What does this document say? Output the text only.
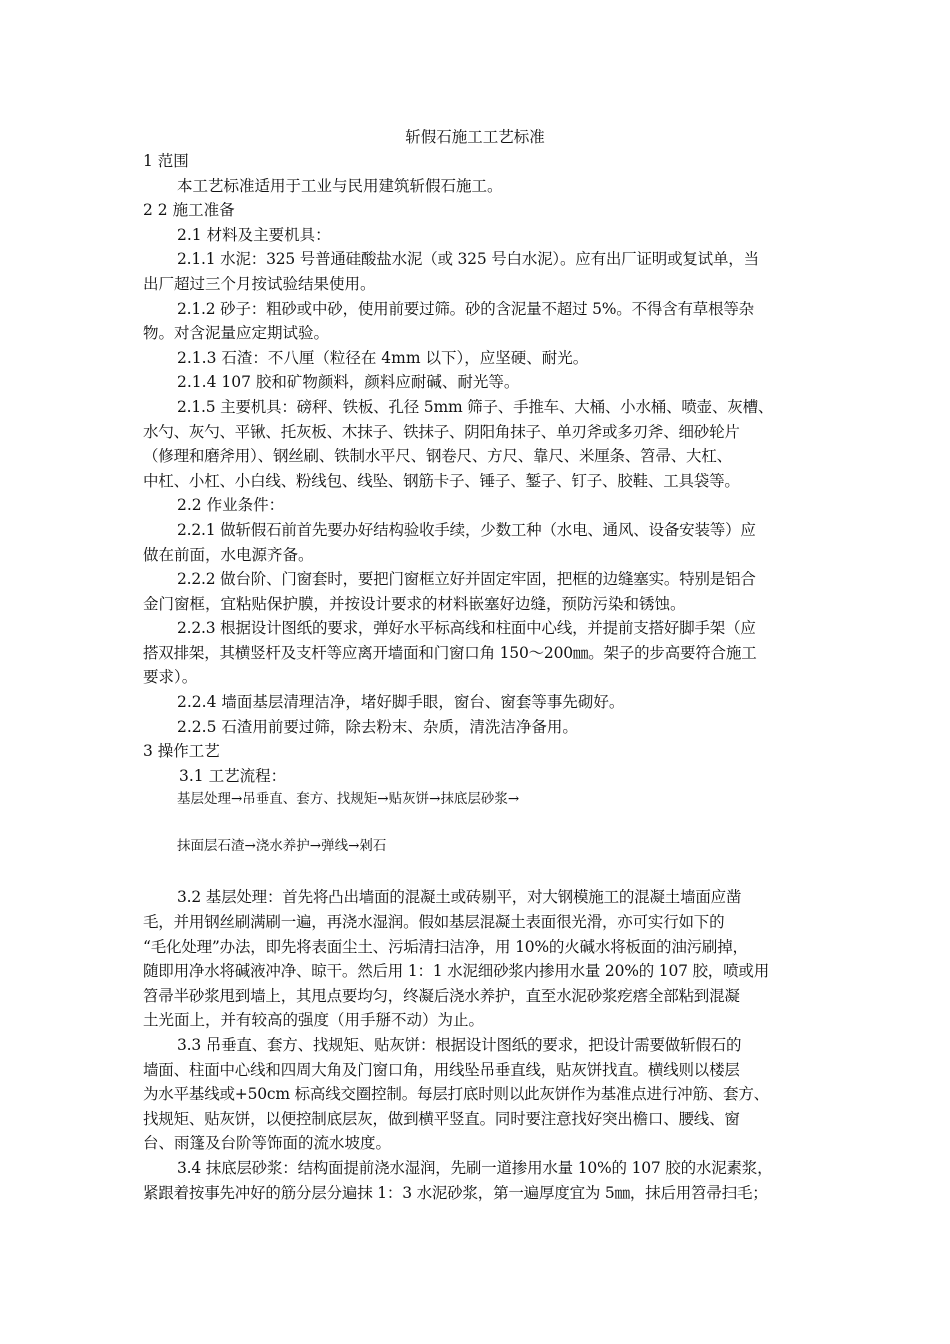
斩假石施工工艺标准
1 范围
本工艺标准适用于工业与民用建筑斩假石施工。
2 2 施工准备
2.1 材料及主要机具：
2.1.1 水泥：325 号普通硅酸盐水泥（或 325 号白水泥）。应有出厂证明或复试单，当
出厂超过三个月按试验结果使用。
2.1.2 砂子：粗砂或中砂，使用前要过筛。砂的含泥量不超过 5%。不得含有草根等杂
物。对含泥量应定期试验。
2.1.3 石渣：不八厘（粒径在 4mm 以下），应坚硬、耐光。
2.1.4 107 胶和矿物颜料，颜料应耐碱、耐光等。
2.1.5 主要机具：磅秤、铁板、孔径 5mm 筛子、手推车、大桶、小水桶、喷壶、灰槽、
水勺、灰勺、平锹、托灰板、木抹子、铁抹子、阴阳角抹子、单刃斧或多刃斧、细砂轮片
（修理和磨斧用）、钢丝刷、铁制水平尺、钢卷尺、方尺、靠尺、米厘条、笤帚、大杠、
中杠、小杠、小白线、粉线包、线坠、钢筋卡子、锤子、錾子、钉子、胶鞋、工具袋等。
2.2 作业条件：
2.2.1 做斩假石前首先要办好结构验收手续，少数工种（水电、通风、设备安装等）应
做在前面，水电源齐备。
2.2.2 做台阶、门窗套时，要把门窗框立好并固定牢固，把框的边缝塞实。特别是铝合
金门窗框，宜粘贴保护膜，并按设计要求的材料嵌塞好边缝，预防污染和锈蚀。
2.2.3 根据设计图纸的要求，弹好水平标高线和柱面中心线，并提前支搭好脚手架（应
搭双排架，其横竖杆及支杆等应离开墙面和门窗口角 150～200㎜。架子的步高要符合施工
要求）。
2.2.4 墙面基层清理洁净，堵好脚手眼，窗台、窗套等事先砌好。
2.2.5 石渣用前要过筛，除去粉末、杂质，清洗洁净备用。
3 操作工艺
3.1 工艺流程：
基层处理→吊垂直、套方、找规矩→贴灰饼→抹底层砂浆→
抹面层石渣→浇水养护→弹线→剁石
3.2 基层处理：首先将凸出墙面的混凝土或砖剔平，对大钢模施工的混凝土墙面应凿
毛，并用钢丝刷满刷一遍，再浇水湿润。假如基层混凝土表面很光滑，亦可实行如下的
“毛化处理”办法，即先将表面尘土、污垢清扫洁净，用 10%的火碱水将板面的油污刷掉，
随即用净水将碱液冲净、晾干。然后用 1：1 水泥细砂浆内掺用水量 20%的 107 胶，喷或用
笤帚半砂浆甩到墙上，其甩点要均匀，终凝后浇水养护，直至水泥砂浆疙瘩全部粘到混凝
土光面上，并有较高的强度（用手掰不动）为止。
3.3 吊垂直、套方、找规矩、贴灰饼：根据设计图纸的要求，把设计需要做斩假石的
墙面、柱面中心线和四周大角及门窗口角，用线坠吊垂直线，贴灰饼找直。横线则以楼层
为水平基线或+50cm 标高线交圈控制。每层打底时则以此灰饼作为基准点进行冲筋、套方、
找规矩、贴灰饼，以便控制底层灰，做到横平竖直。同时要注意找好突出檐口、腰线、窗
台、雨篷及台阶等饰面的流水坡度。
3.4 抹底层砂浆：结构面提前浇水湿润，先刷一道掺用水量 10%的 107 胶的水泥素浆，
紧跟着按事先冲好的筋分层分遍抹 1：3 水泥砂浆，第一遍厚度宜为 5㎜，抹后用笤帚扫毛；
